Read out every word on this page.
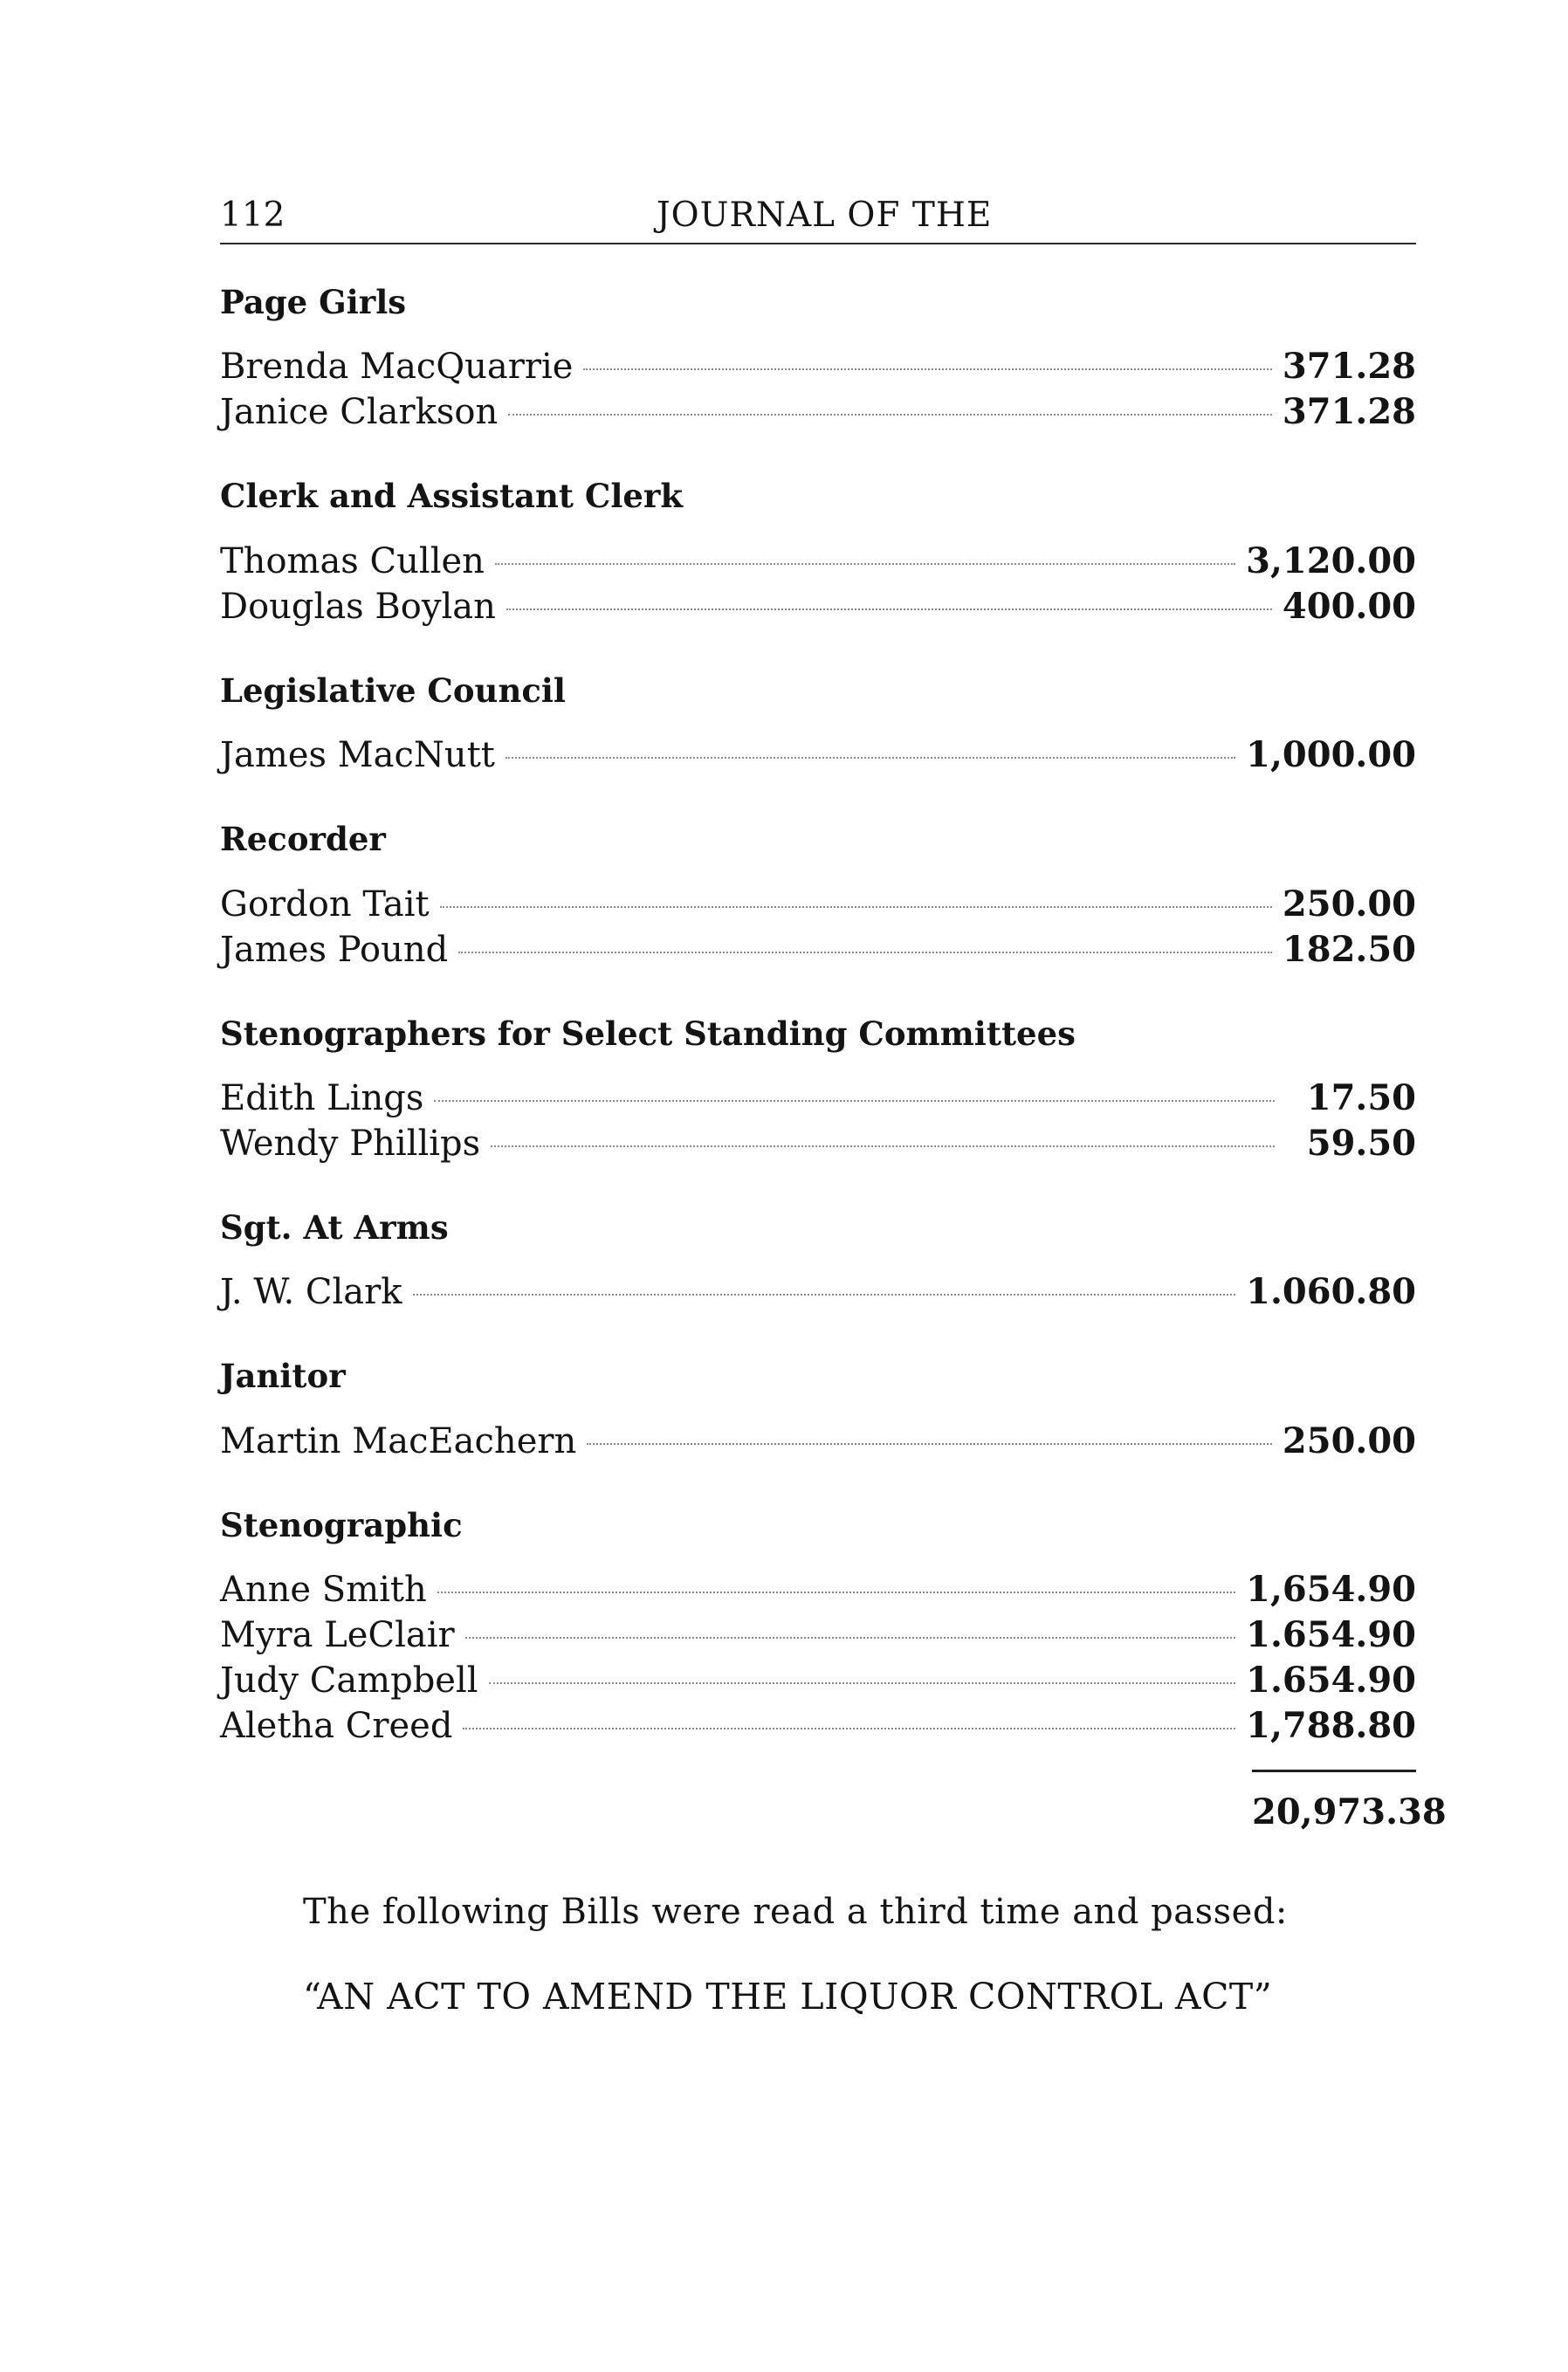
112	JOURNAL OF THE
Page Girls
Brenda MacQuarrie	371.28
Janice Clarkson	371.28
Clerk and Assistant Clerk
Thomas Cullen	3,120.00
Douglas Boylan	400.00
Legislative Council
James MacNutt	1,000.00
Recorder
Gordon Tait	250.00
James Pound	182.50
Stenographers for Select Standing Committees
Edith Lings	17.50
Wendy Phillips	59.50
Sgt. At Arms
J. W. Clark	1.060.80
Janitor
Martin MacEachern	250.00
Stenographic
Anne Smith	1,654.90
Myra LeClair	1.654.90
Judy Campbell	1.654.90
Aletha Creed	1,788.80
20,973.38
The following Bills were read a third time and passed:
“AN ACT TO AMEND THE LIQUOR CONTROL ACT”
